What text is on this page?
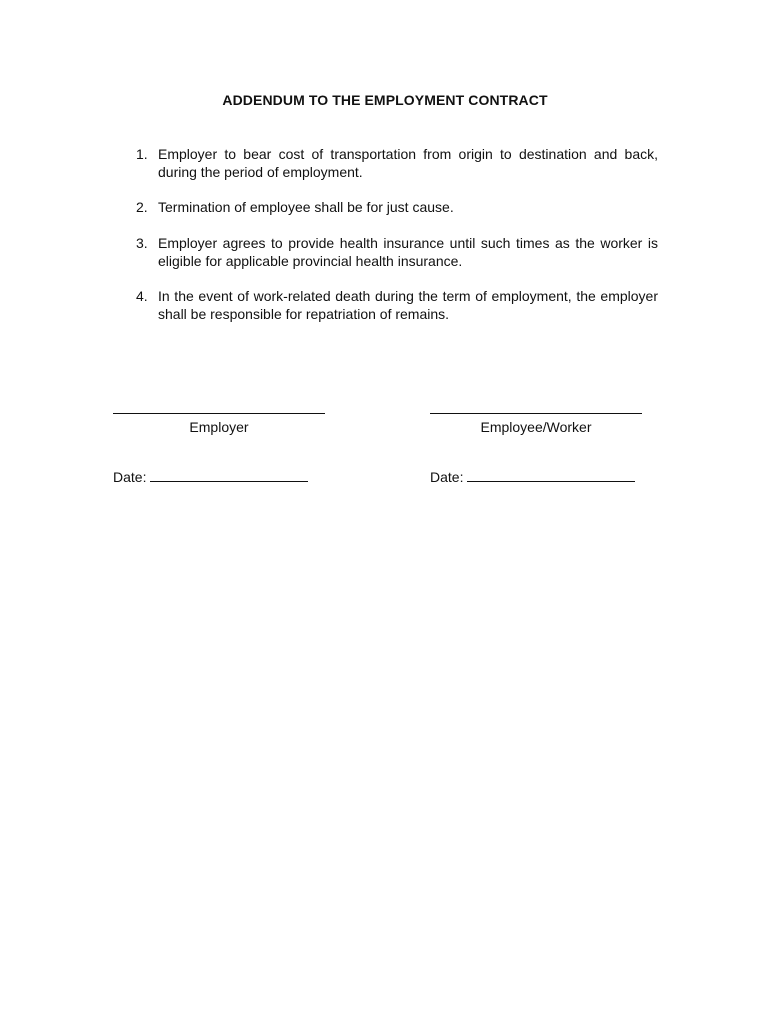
ADDENDUM TO THE EMPLOYMENT CONTRACT
1. Employer to bear cost of transportation from origin to destination and back, during the period of employment.
2. Termination of employee shall be for just cause.
3. Employer agrees to provide health insurance until such times as the worker is eligible for applicable provincial health insurance.
4. In the event of work-related death during the term of employment, the employer shall be responsible for repatriation of remains.
Employer	Employee/Worker
Date:	Date:
